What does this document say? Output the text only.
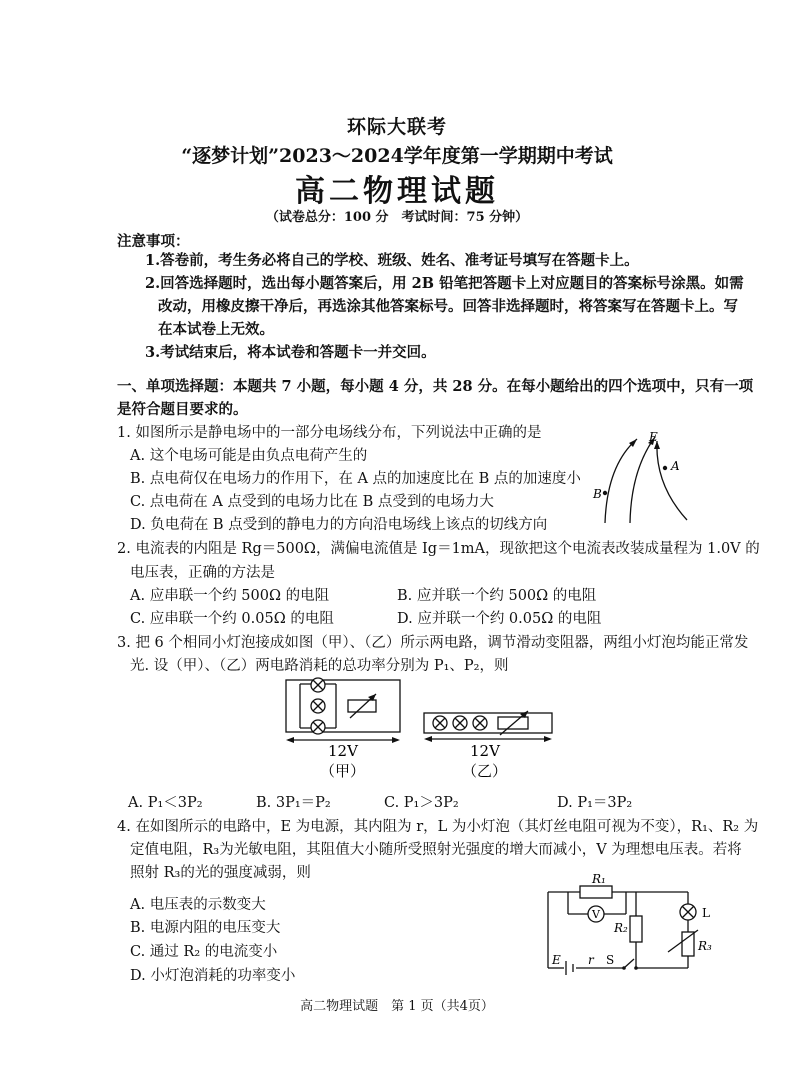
环际大联考
“逐梦计划”2023～2024学年度第一学期期中考试
高二物理试题
（试卷总分：100 分　考试时间：75 分钟）
注意事项：
1.答卷前，考生务必将自己的学校、班级、姓名、准考证号填写在答题卡上。
2.回答选择题时，选出每小题答案后，用 2B 铅笔把答题卡上对应题目的答案标号涂黑。如需
改动，用橡皮擦干净后，再选涂其他答案标号。回答非选择题时，将答案写在答题卡上。写
在本试卷上无效。
3.考试结束后，将本试卷和答题卡一并交回。
一、单项选择题：本题共 7 小题，每小题 4 分，共 28 分。在每小题给出的四个选项中，只有一项
是符合题目要求的。
1. 如图所示是静电场中的一部分电场线分布，下列说法中正确的是
A. 这个电场可能是由负点电荷产生的
B. 点电荷仅在电场力的作用下，在 A 点的加速度比在 B 点的加速度小
C. 点电荷在 A 点受到的电场力比在 B 点受到的电场力大
D. 负电荷在 B 点受到的静电力的方向沿电场线上该点的切线方向
E
A
B
2. 电流表的内阻是 Rg＝500Ω，满偏电流值是 Ig＝1mA，现欲把这个电流表改装成量程为 1.0V 的
电压表，正确的方法是
A. 应串联一个约 500Ω 的电阻	B. 应并联一个约 500Ω 的电阻
C. 应串联一个约 0.05Ω 的电阻	D. 应并联一个约 0.05Ω 的电阻
3. 把 6 个相同小灯泡接成如图（甲）、（乙）所示两电路，调节滑动变阻器，两组小灯泡均能正常发
光. 设（甲）、（乙）两电路消耗的总功率分别为 P₁、P₂，则
12V
（甲）
12V
（乙）
A. P₁＜3P₂	B. 3P₁＝P₂	C. P₁＞3P₂	D. P₁＝3P₂
4. 在如图所示的电路中，E 为电源，其内阻为 r，L 为小灯泡（其灯丝电阻可视为不变），R₁、R₂ 为
定值电阻，R₃为光敏电阻，其阻值大小随所受照射光强度的增大而减小，V 为理想电压表。若将
照射 R₃的光的强度减弱，则
A. 电压表的示数变大
B. 电源内阻的电压变大
C. 通过 R₂ 的电流变小
D. 小灯泡消耗的功率变小
R₁
V
R₂
L
R₃
E r S
高二物理试题　第 1 页（共4页）
